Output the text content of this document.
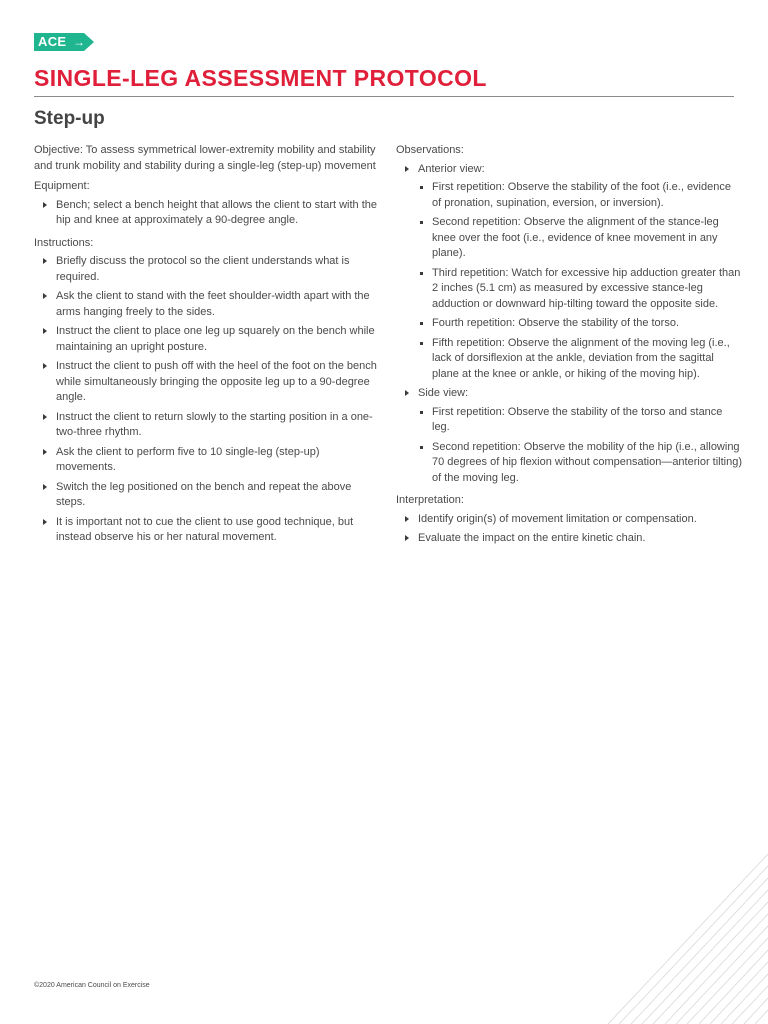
ACE →
SINGLE-LEG ASSESSMENT PROTOCOL
Step-up

Objective: To assess symmetrical lower-extremity mobility and stability and trunk mobility and stability during a single-leg (step-up) movement

Equipment:

Bench; select a bench height that allows the client to start with the hip and knee at approximately a 90-degree angle.

Instructions:

Briefly discuss the protocol so the client understands what is required.
Ask the client to stand with the feet shoulder-width apart with the arms hanging freely to the sides.
Instruct the client to place one leg up squarely on the bench while maintaining an upright posture.
Instruct the client to push off with the heel of the foot on the bench while simultaneously bringing the opposite leg up to a 90-degree angle.
Instruct the client to return slowly to the starting position in a one-two-three rhythm.
Ask the client to perform five to 10 single-leg (step-up) movements.
Switch the leg positioned on the bench and repeat the above steps.
It is important not to cue the client to use good technique, but instead observe his or her natural movement.

Observations:

Anterior view:
First repetition: Observe the stability of the foot (i.e., evidence of pronation, supination, eversion, or inversion).
Second repetition: Observe the alignment of the stance-leg knee over the foot (i.e., evidence of knee movement in any plane).
Third repetition: Watch for excessive hip adduction greater than 2 inches (5.1 cm) as measured by excessive stance-leg adduction or downward hip-tilting toward the opposite side.
Fourth repetition: Observe the stability of the torso.
Fifth repetition: Observe the alignment of the moving leg (i.e., lack of dorsiflexion at the ankle, deviation from the sagittal plane at the knee or ankle, or hiking of the moving hip).
Side view:
First repetition: Observe the stability of the torso and stance leg.
Second repetition: Observe the mobility of the hip (i.e., allowing 70 degrees of hip flexion without compensation—anterior tilting) of the moving leg.

Interpretation:

Identify origin(s) of movement limitation or compensation.
Evaluate the impact on the entire kinetic chain.
©2020 American Council on Exercise
